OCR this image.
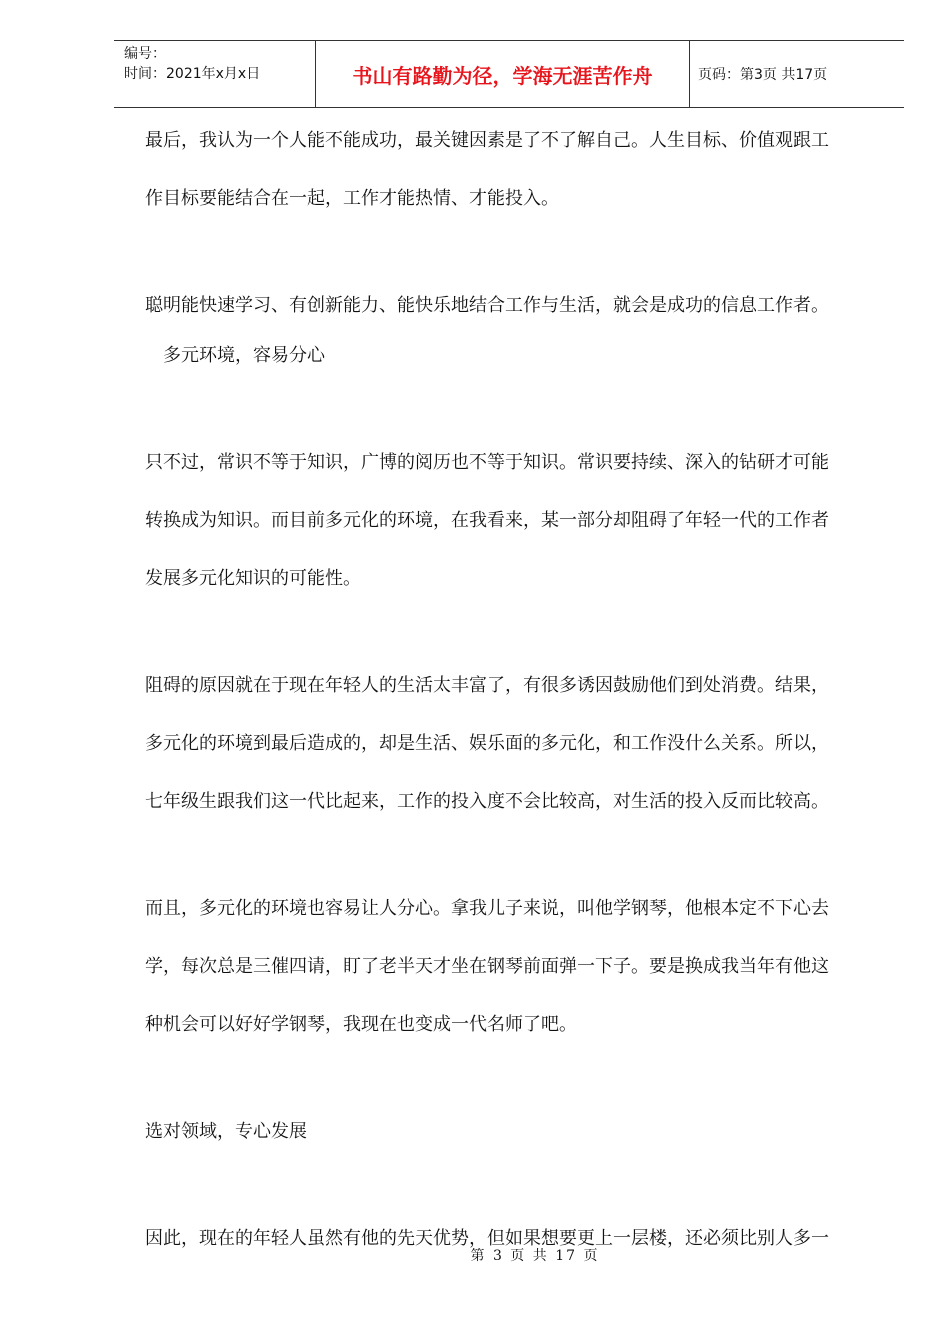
编号：
时间：2021年x月x日	书山有路勤为径，学海无涯苦作舟	页码：第3页 共17页
最后，我认为一个人能不能成功，最关键因素是了不了解自己。人生目标、价值观跟工
作目标要能结合在一起，工作才能热情、才能投入。
聪明能快速学习、有创新能力、能快乐地结合工作与生活，就会是成功的信息工作者。
多元环境，容易分心
只不过，常识不等于知识，广博的阅历也不等于知识。常识要持续、深入的钻研才可能
转换成为知识。而目前多元化的环境，在我看来，某一部分却阻碍了年轻一代的工作者
发展多元化知识的可能性。
阻碍的原因就在于现在年轻人的生活太丰富了，有很多诱因鼓励他们到处消费。结果，
多元化的环境到最后造成的，却是生活、娱乐面的多元化，和工作没什么关系。所以，
七年级生跟我们这一代比起来，工作的投入度不会比较高，对生活的投入反而比较高。
而且，多元化的环境也容易让人分心。拿我儿子来说，叫他学钢琴，他根本定不下心去
学，每次总是三催四请，盯了老半天才坐在钢琴前面弹一下子。要是换成我当年有他这
种机会可以好好学钢琴，我现在也变成一代名师了吧。
选对领域，专心发展
因此，现在的年轻人虽然有他的先天优势，但如果想要更上一层楼，还必须比别人多一
第 3 页 共 17 页
